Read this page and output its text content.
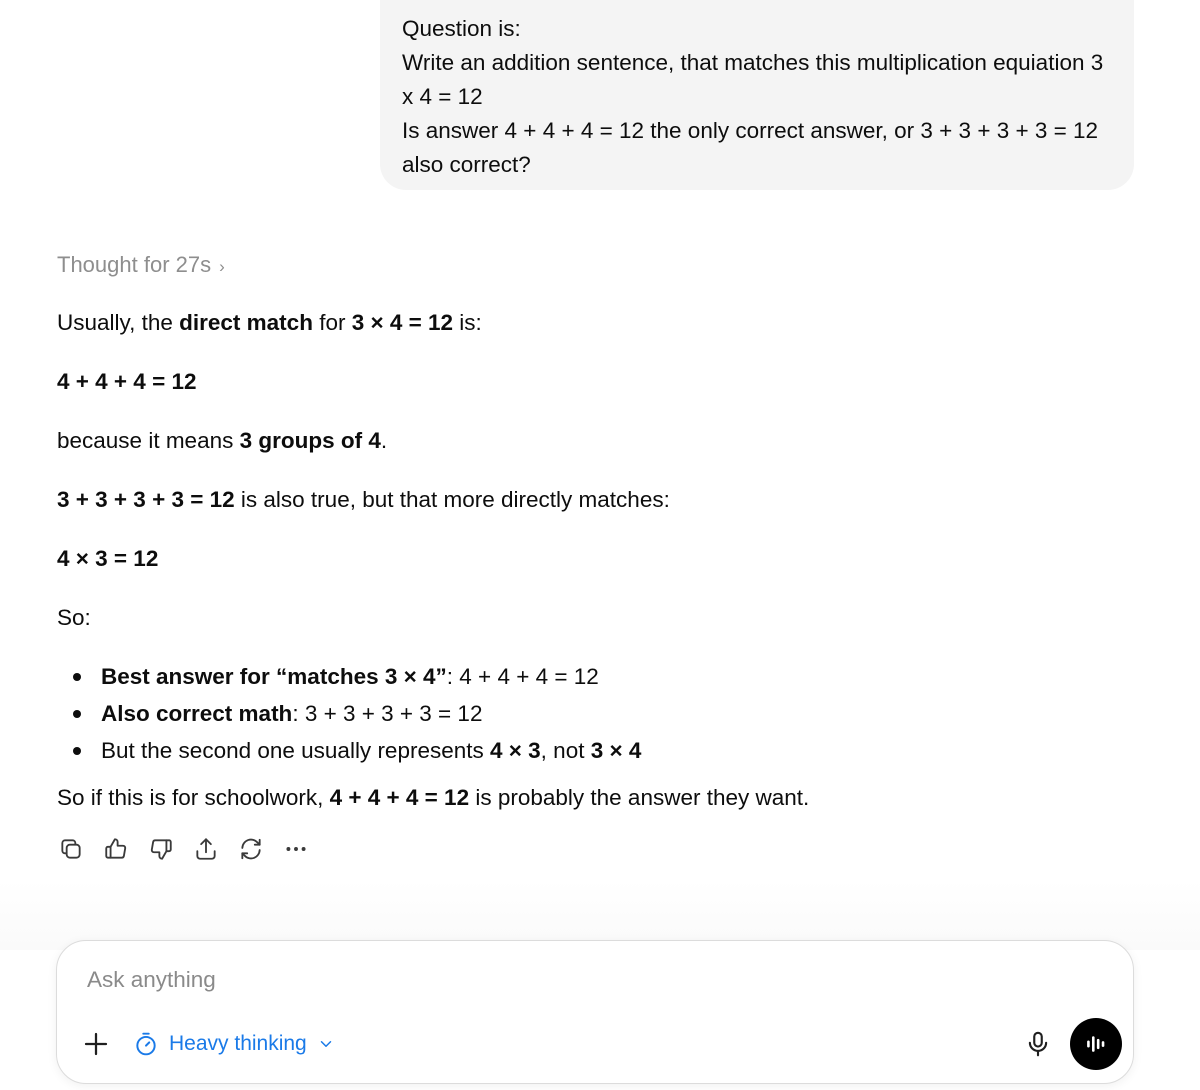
Question is:
Write an addition sentence, that matches this multiplication equiation 3
x 4 = 12
Is answer 4 + 4 + 4 = 12 the only correct answer, or 3 + 3 + 3 + 3 = 12
also correct?
Thought for 27s ›
Usually, the direct match for 3 × 4 = 12 is:
4 + 4 + 4 = 12
because it means 3 groups of 4.
3 + 3 + 3 + 3 = 12 is also true, but that more directly matches:
4 × 3 = 12
So:
Best answer for “matches 3 × 4”: 4 + 4 + 4 = 12
Also correct math: 3 + 3 + 3 + 3 = 12
But the second one usually represents 4 × 3, not 3 × 4
So if this is for schoolwork, 4 + 4 + 4 = 12 is probably the answer they want.
Ask anything
Heavy thinking
